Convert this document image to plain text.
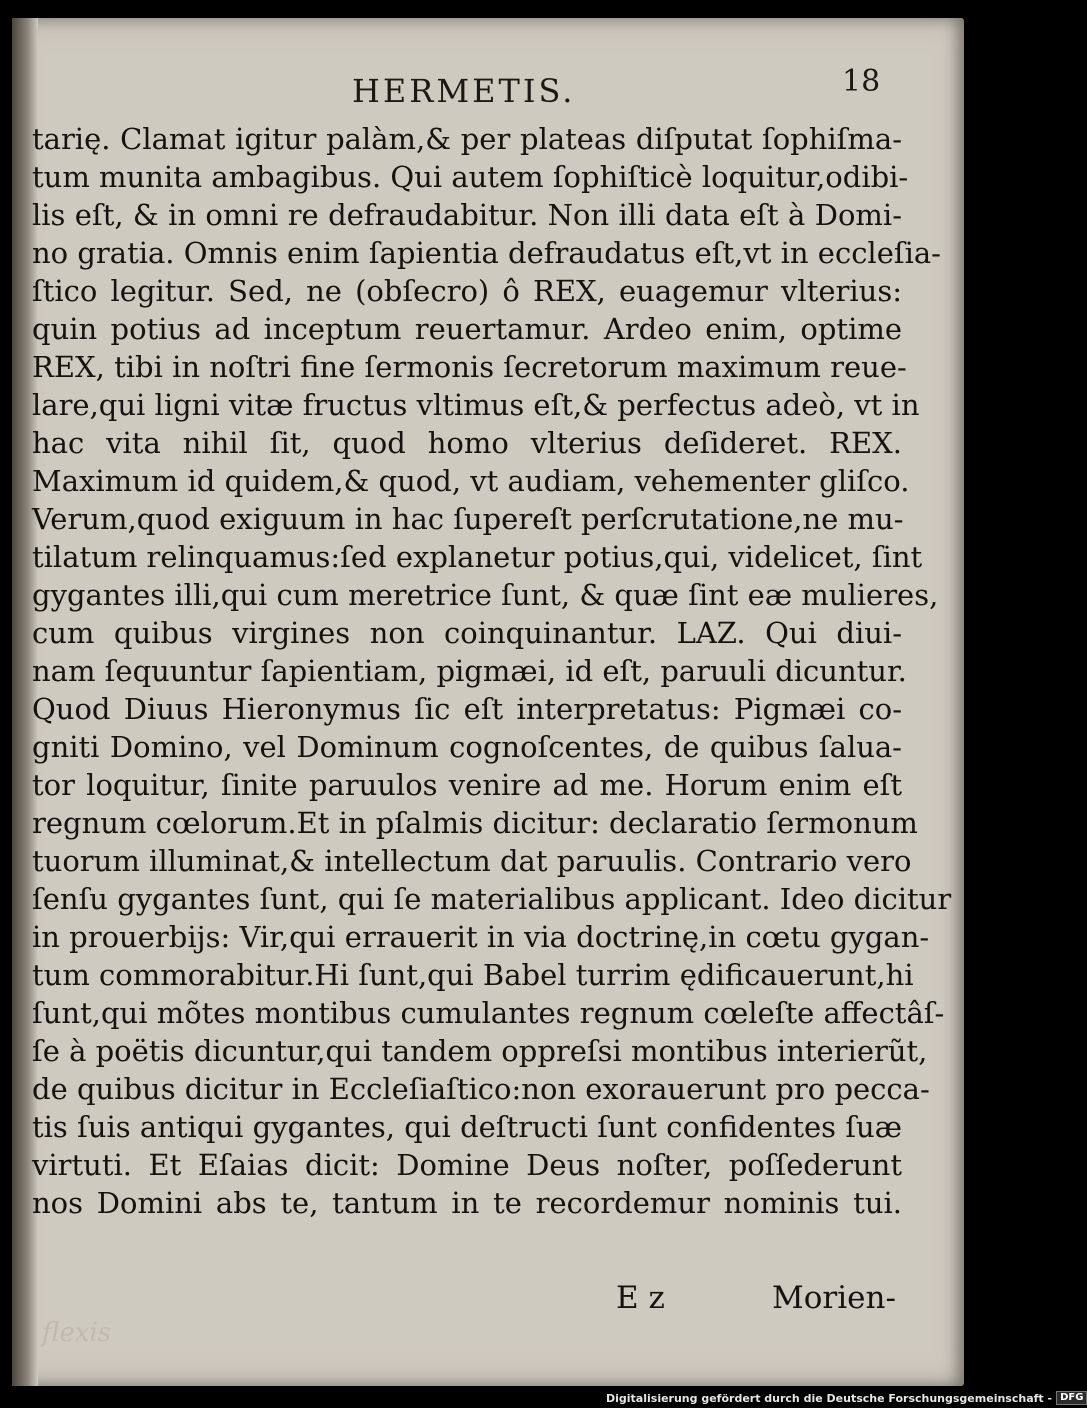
HERMETIS.	18
tarię. Clamat igitur palàm,& per plateas diſputat ſophiſma-
tum munita ambagibus. Qui autem ſophiſticè loquitur,odibi-
lis eſt, & in omni re defraudabitur. Non illi data eſt à Domi-
no gratia. Omnis enim ſapientia defraudatus eſt,vt in eccleſia-
ſtico legitur. Sed, ne (obſecro) ô REX, euagemur vlterius:
quin potius ad inceptum reuertamur. Ardeo enim, optime
REX, tibi in noſtri fine ſermonis ſecretorum maximum reue-
lare,qui ligni vitæ fructus vltimus eſt,& perfectus adeò, vt in
hac vita nihil ſit, quod homo vlterius deſideret. REX.
Maximum id quidem,& quod, vt audiam, vehementer gliſco.
Verum,quod exiguum in hac ſupereſt perſcrutatione,ne mu-
tilatum relinquamus:ſed explanetur potius,qui, videlicet, ſint
gygantes illi,qui cum meretrice ſunt, & quæ ſint eæ mulieres,
cum quibus virgines non coinquinantur. LAZ. Qui diui-
nam ſequuntur ſapientiam, pigmæi, id eſt, paruuli dicuntur.
Quod Diuus Hieronymus ſic eſt interpretatus: Pigmæi co-
gniti Domino, vel Dominum cognoſcentes, de quibus ſalua-
tor loquitur, ſinite paruulos venire ad me. Horum enim eſt
regnum cœlorum.Et in pſalmis dicitur: declaratio ſermonum
tuorum illuminat,& intellectum dat paruulis. Contrario vero
ſenſu gygantes ſunt, qui ſe materialibus applicant. Ideo dicitur
in prouerbijs: Vir,qui errauerit in via doctrinę,in cœtu gygan-
tum commorabitur.Hi ſunt,qui Babel turrim ędificauerunt,hi
ſunt,qui mõtes montibus cumulantes regnum cœleſte affectâſ-
ſe à poëtis dicuntur,qui tandem oppreſsi montibus interierũt,
de quibus dicitur in Eccleſiaſtico:non exorauerunt pro pecca-
tis ſuis antiqui gygantes, qui deſtructi ſunt confidentes ſuæ
virtuti. Et Eſaias dicit: Domine Deus noſter, poſſederunt
nos Domini abs te, tantum in te recordemur nominis tui.
E z	Morien-
flexis
Digitalisierung gefördert durch die Deutsche Forschungsgemeinschaft - DFG
